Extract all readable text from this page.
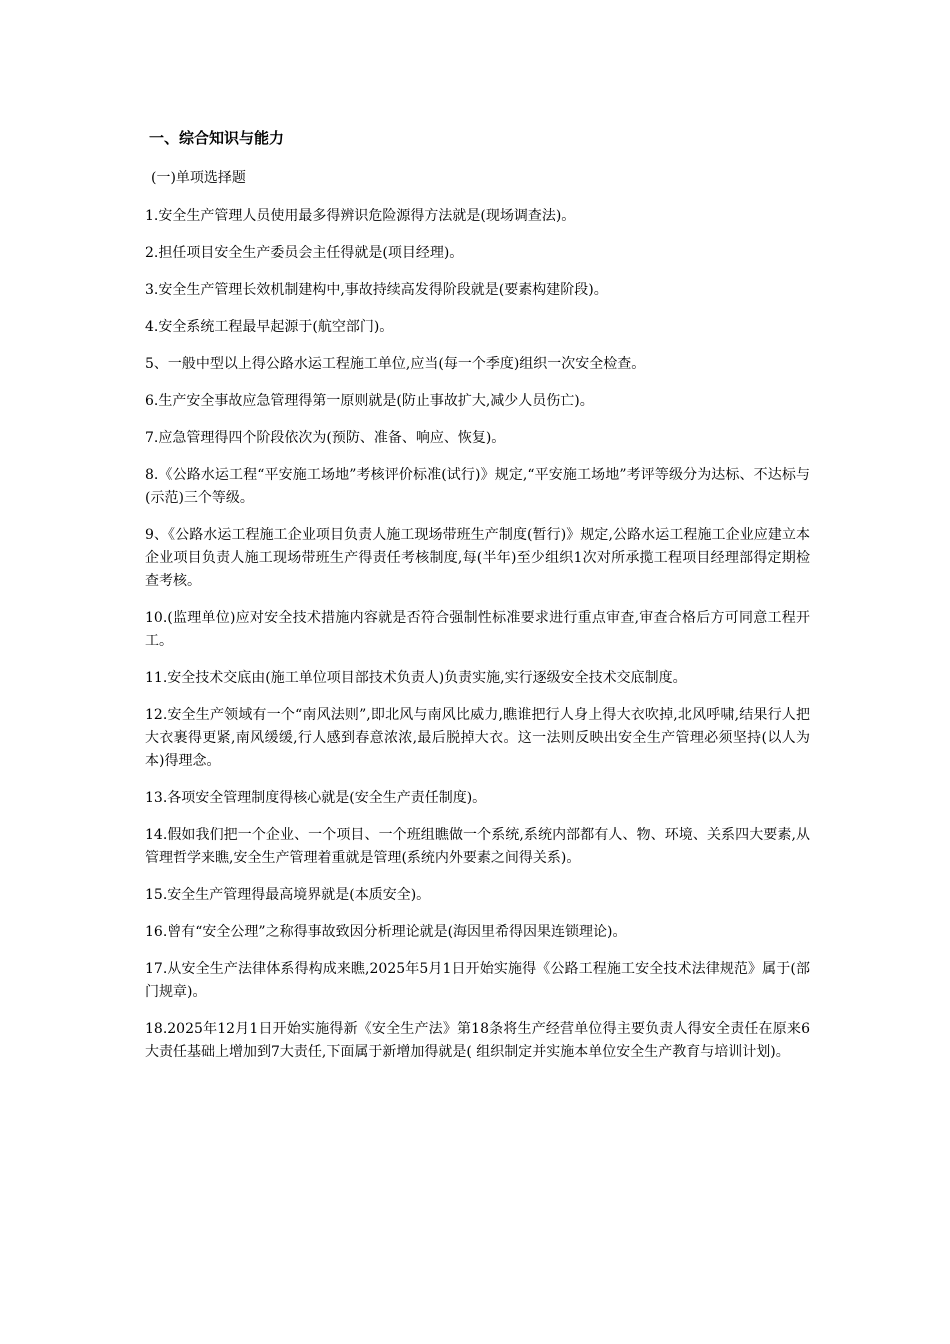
一、综合知识与能力
(一)单项选择题
1.安全生产管理人员使用最多得辨识危险源得方法就是(现场调查法)。
2.担任项目安全生产委员会主任得就是(项目经理)。
3.安全生产管理长效机制建构中,事故持续高发得阶段就是(要素构建阶段)。
4.安全系统工程最早起源于(航空部门)。
5、一般中型以上得公路水运工程施工单位,应当(每一个季度)组织一次安全检查。
6.生产安全事故应急管理得第一原则就是(防止事故扩大,减少人员伤亡)。
7.应急管理得四个阶段依次为(预防、准备、响应、恢复)。
8.《公路水运工程“平安施工场地”考核评价标准(试行)》规定,“平安施工场地”考评等级分为达标、不达标与(示范)三个等级。
9、《公路水运工程施工企业项目负责人施工现场带班生产制度(暂行)》规定,公路水运工程施工企业应建立本企业项目负责人施工现场带班生产得责任考核制度,每(半年)至少组织1次对所承揽工程项目经理部得定期检查考核。
10.(监理单位)应对安全技术措施内容就是否符合强制性标准要求进行重点审查,审查合格后方可同意工程开工。
11.安全技术交底由(施工单位项目部技术负责人)负责实施,实行逐级安全技术交底制度。
12.安全生产领域有一个“南风法则”,即北风与南风比威力,瞧谁把行人身上得大衣吹掉,北风呼啸,结果行人把大衣裹得更紧,南风缓缓,行人感到春意浓浓,最后脱掉大衣。这一法则反映出安全生产管理必须坚持(以人为本)得理念。
13.各项安全管理制度得核心就是(安全生产责任制度)。
14.假如我们把一个企业、一个项目、一个班组瞧做一个系统,系统内部都有人、物、环境、关系四大要素,从管理哲学来瞧,安全生产管理着重就是管理(系统内外要素之间得关系)。
15.安全生产管理得最高境界就是(本质安全)。
16.曾有“安全公理”之称得事故致因分析理论就是(海因里希得因果连锁理论)。
17.从安全生产法律体系得构成来瞧,2025年5月1日开始实施得《公路工程施工安全技术法律规范》属于(部门规章)。
18.2025年12月1日开始实施得新《安全生产法》第18条将生产经营单位得主要负责人得安全责任在原来6大责任基础上增加到7大责任,下面属于新增加得就是( 组织制定并实施本单位安全生产教育与培训计划)。
